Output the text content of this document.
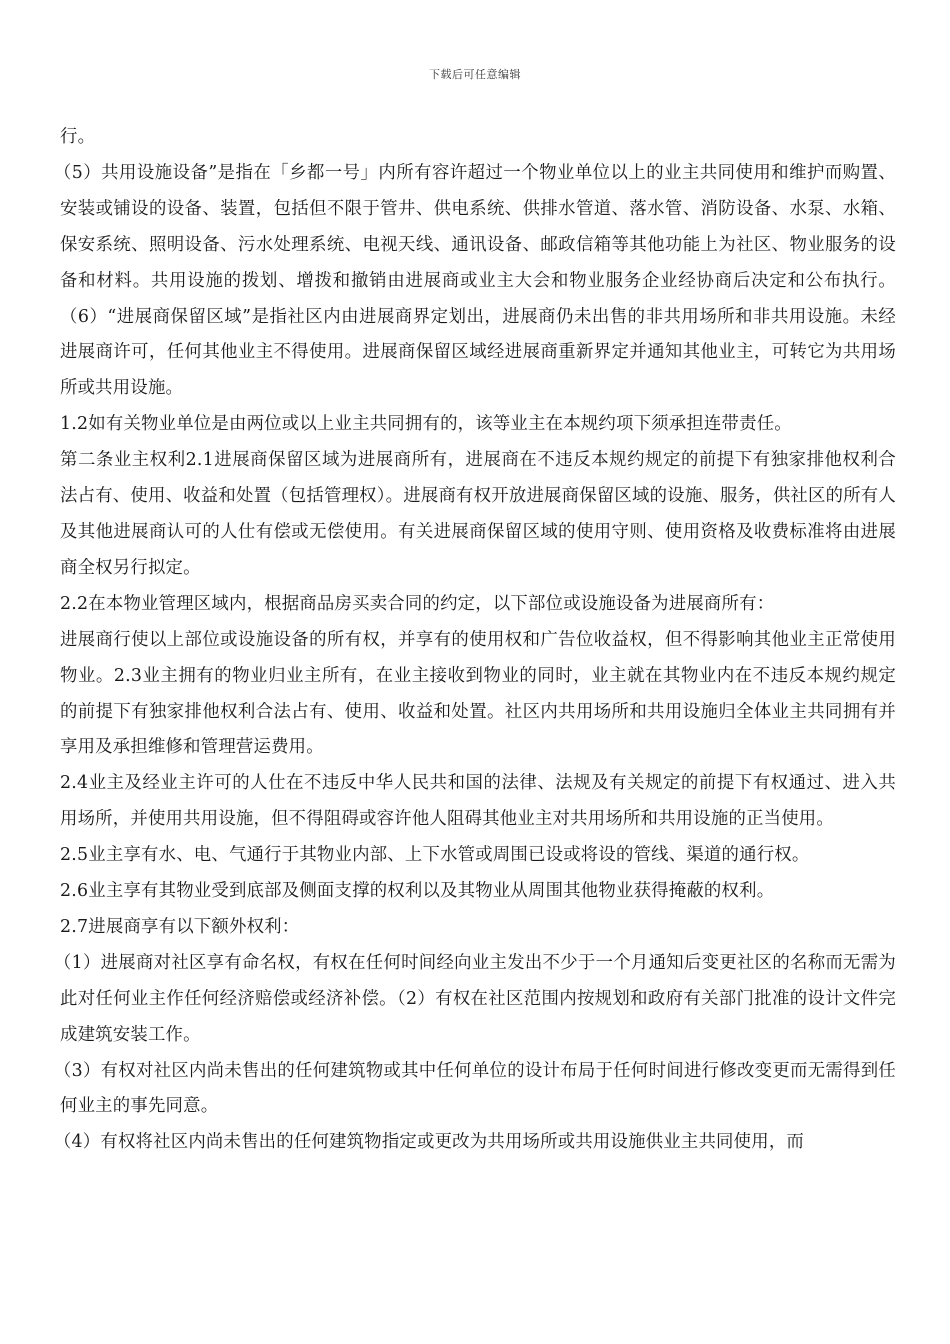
下载后可任意编辑

行。

（5）共用设施设备”是指在「乡都一号」内所有容许超过一个物业单位以上的业主共同使用和维护而购置、安装或铺设的设备、装置，包括但不限于管井、供电系统、供排水管道、落水管、消防设备、水泵、水箱、保安系统、照明设备、污水处理系统、电视天线、通讯设备、邮政信箱等其他功能上为社区、物业服务的设备和材料。共用设施的拨划、增拨和撤销由进展商或业主大会和物业服务企业经协商后决定和公布执行。（6）“进展商保留区域”是指社区内由进展商界定划出，进展商仍未出售的非共用场所和非共用设施。未经进展商许可，任何其他业主不得使用。进展商保留区域经进展商重新界定并通知其他业主，可转它为共用场所或共用设施。

1.2如有关物业单位是由两位或以上业主共同拥有的，该等业主在本规约项下须承担连带责任。

第二条业主权利2.1进展商保留区域为进展商所有，进展商在不违反本规约规定的前提下有独家排他权利合法占有、使用、收益和处置（包括管理权）。进展商有权开放进展商保留区域的设施、服务，供社区的所有人及其他进展商认可的人仕有偿或无偿使用。有关进展商保留区域的使用守则、使用资格及收费标准将由进展商全权另行拟定。

2.2在本物业管理区域内，根据商品房买卖合同的约定，以下部位或设施设备为进展商所有：

进展商行使以上部位或设施设备的所有权，并享有的使用权和广告位收益权，但不得影响其他业主正常使用物业。2.3业主拥有的物业归业主所有，在业主接收到物业的同时，业主就在其物业内在不违反本规约规定的前提下有独家排他权利合法占有、使用、收益和处置。社区内共用场所和共用设施归全体业主共同拥有并享用及承担维修和管理营运费用。

2.4业主及经业主许可的人仕在不违反中华人民共和国的法律、法规及有关规定的前提下有权通过、进入共用场所，并使用共用设施，但不得阻碍或容许他人阻碍其他业主对共用场所和共用设施的正当使用。

2.5业主享有水、电、气通行于其物业内部、上下水管或周围已设或将设的管线、渠道的通行权。

2.6业主享有其物业受到底部及侧面支撑的权利以及其物业从周围其他物业获得掩蔽的权利。

2.7进展商享有以下额外权利：

（1）进展商对社区享有命名权，有权在任何时间经向业主发出不少于一个月通知后变更社区的名称而无需为此对任何业主作任何经济赔偿或经济补偿。（2）有权在社区范围内按规划和政府有关部门批准的设计文件完成建筑安装工作。

（3）有权对社区内尚未售出的任何建筑物或其中任何单位的设计布局于任何时间进行修改变更而无需得到任何业主的事先同意。

（4）有权将社区内尚未售出的任何建筑物指定或更改为共用场所或共用设施供业主共同使用，而
